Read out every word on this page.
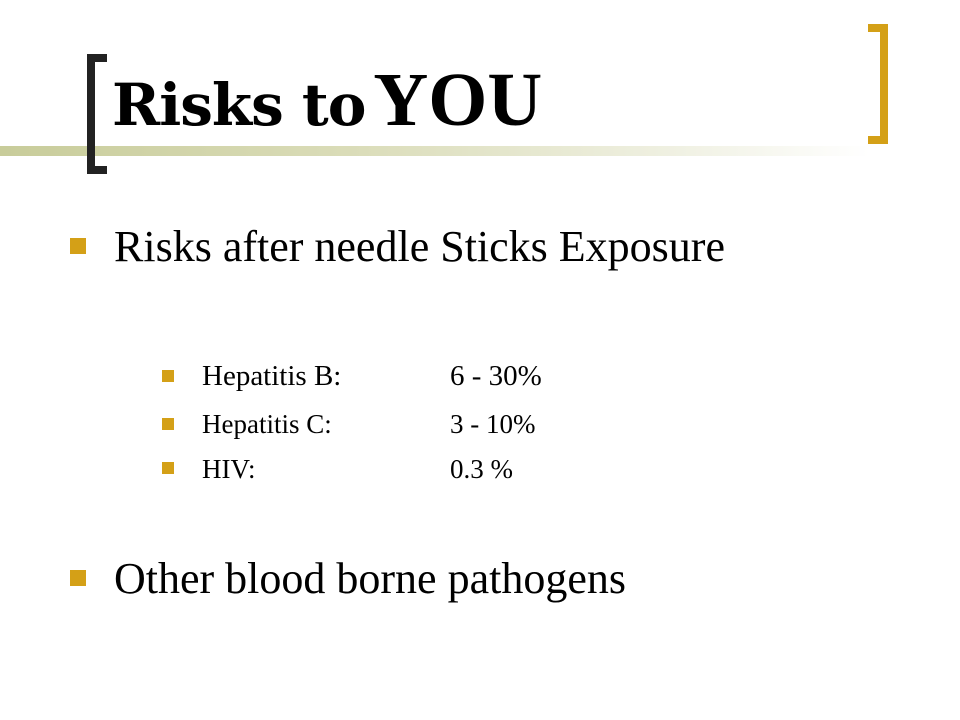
Risks to YOU
Risks after needle Sticks Exposure
Hepatitis B:	6 - 30%
Hepatitis C:	3 - 10%
HIV:	0.3 %
Other blood borne pathogens
